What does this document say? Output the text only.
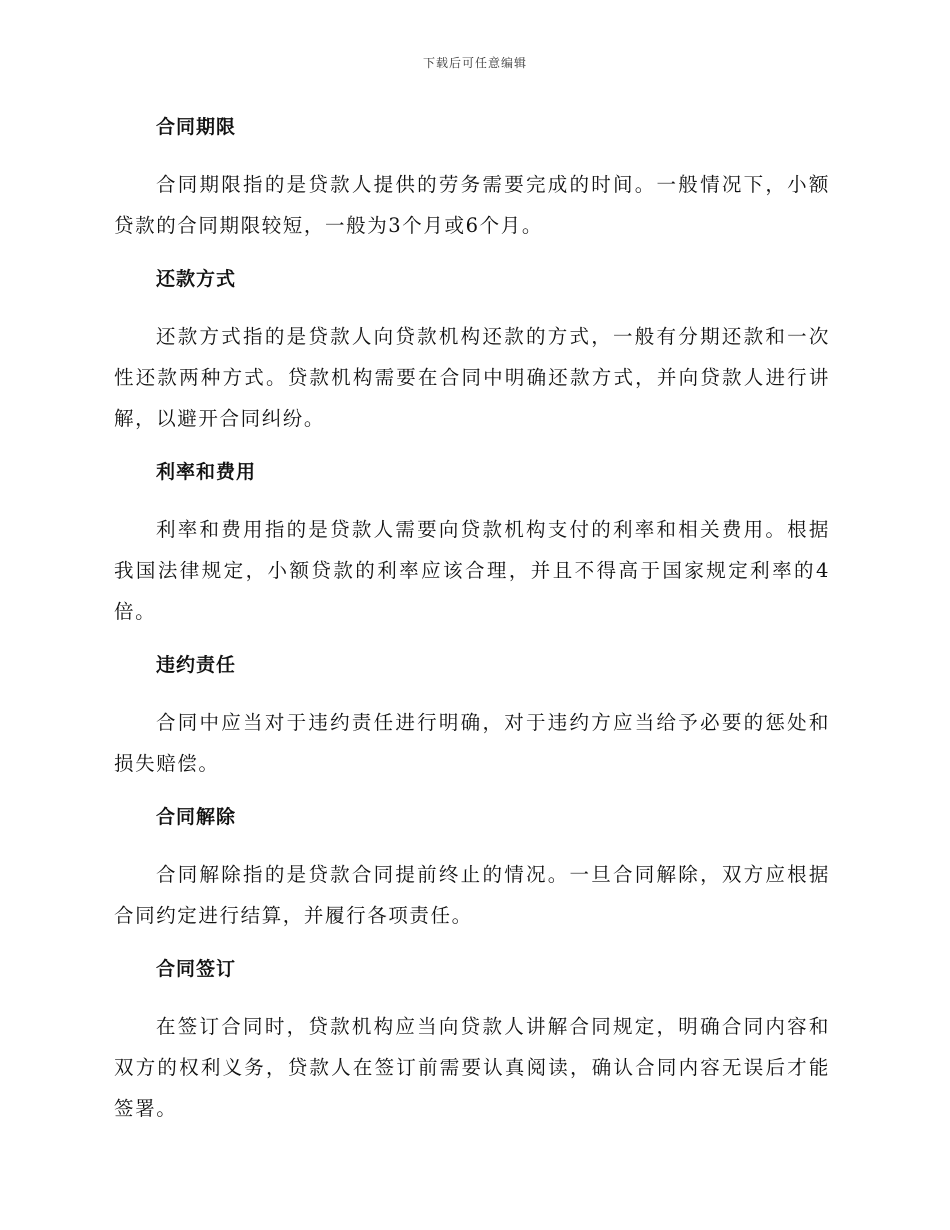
下载后可任意编辑
合同期限

合同期限指的是贷款人提供的劳务需要完成的时间。一般情况下，小额贷款的合同期限较短，一般为3个月或6个月。

还款方式

还款方式指的是贷款人向贷款机构还款的方式，一般有分期还款和一次性还款两种方式。贷款机构需要在合同中明确还款方式，并向贷款人进行讲解，以避开合同纠纷。

利率和费用

利率和费用指的是贷款人需要向贷款机构支付的利率和相关费用。根据我国法律规定，小额贷款的利率应该合理，并且不得高于国家规定利率的4倍。

违约责任

合同中应当对于违约责任进行明确，对于违约方应当给予必要的惩处和损失赔偿。

合同解除

合同解除指的是贷款合同提前终止的情况。一旦合同解除，双方应根据合同约定进行结算，并履行各项责任。

合同签订

在签订合同时，贷款机构应当向贷款人讲解合同规定，明确合同内容和双方的权利义务，贷款人在签订前需要认真阅读，确认合同内容无误后才能签署。
